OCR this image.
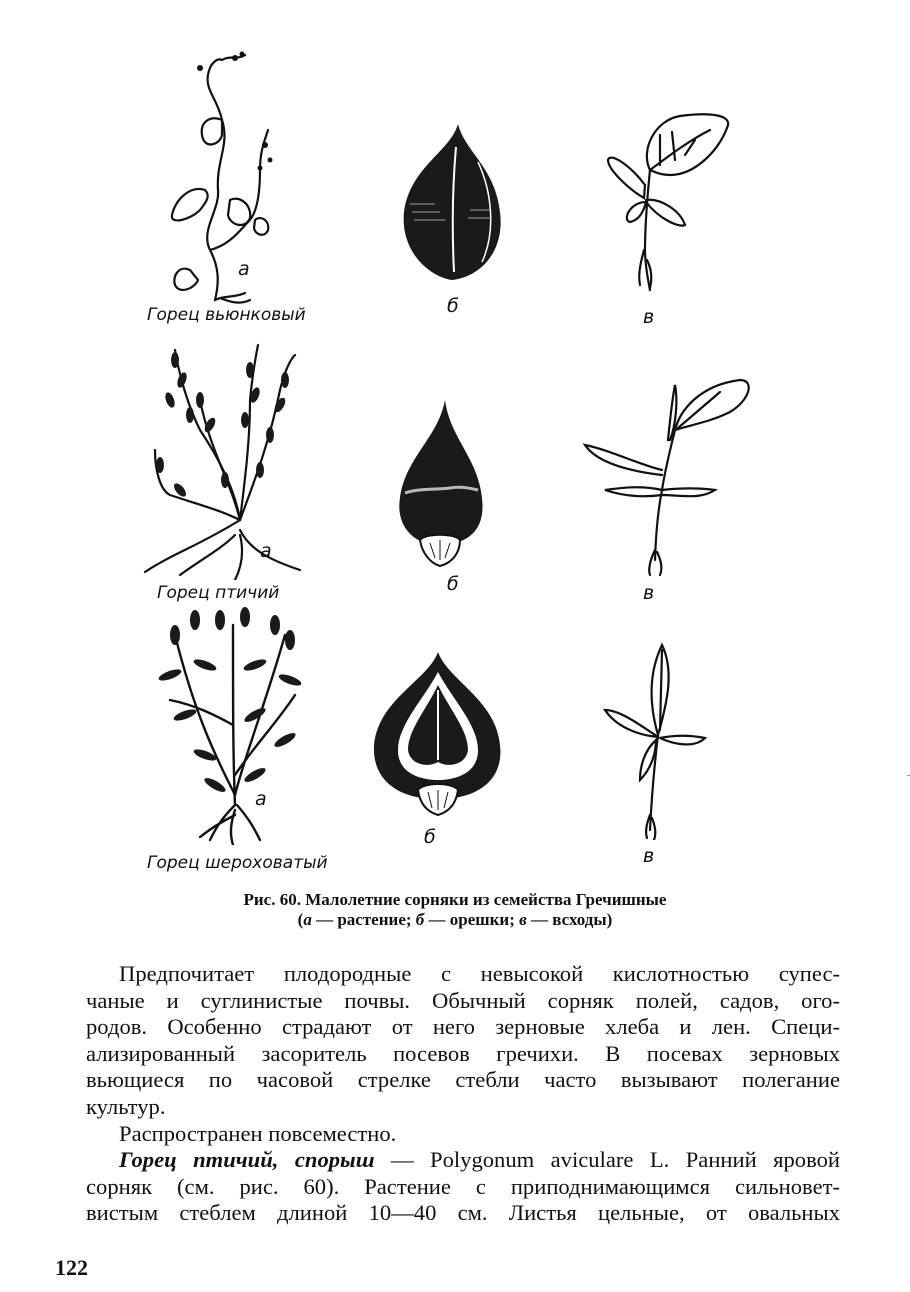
а
Горец вьюнковый	б	в
а
Горец птичий	б	в
а
Горец шероховатый
б
в
Рис. 60. Малолетние сорняки из семейства Гречишные
(а — растение; б — орешки; в — всходы)

Предпочитает плодородные с невысокой кислотностью супес-
чаные и суглинистые почвы. Обычный сорняк полей, садов, ого-
родов. Особенно страдают от него зерновые хлеба и лен. Специ-
ализированный засоритель посевов гречихи. В посевах зерновых
вьющиеся по часовой стрелке стебли часто вызывают полегание
культур.

Распространен повсеместно.

Горец птичий, спорыш — Polygonum aviculare L. Ранний яровой
сорняк (см. рис. 60). Растение с приподнимающимся сильновет-
вистым стеблем длиной 10—40 см. Листья цельные, от овальных

122
